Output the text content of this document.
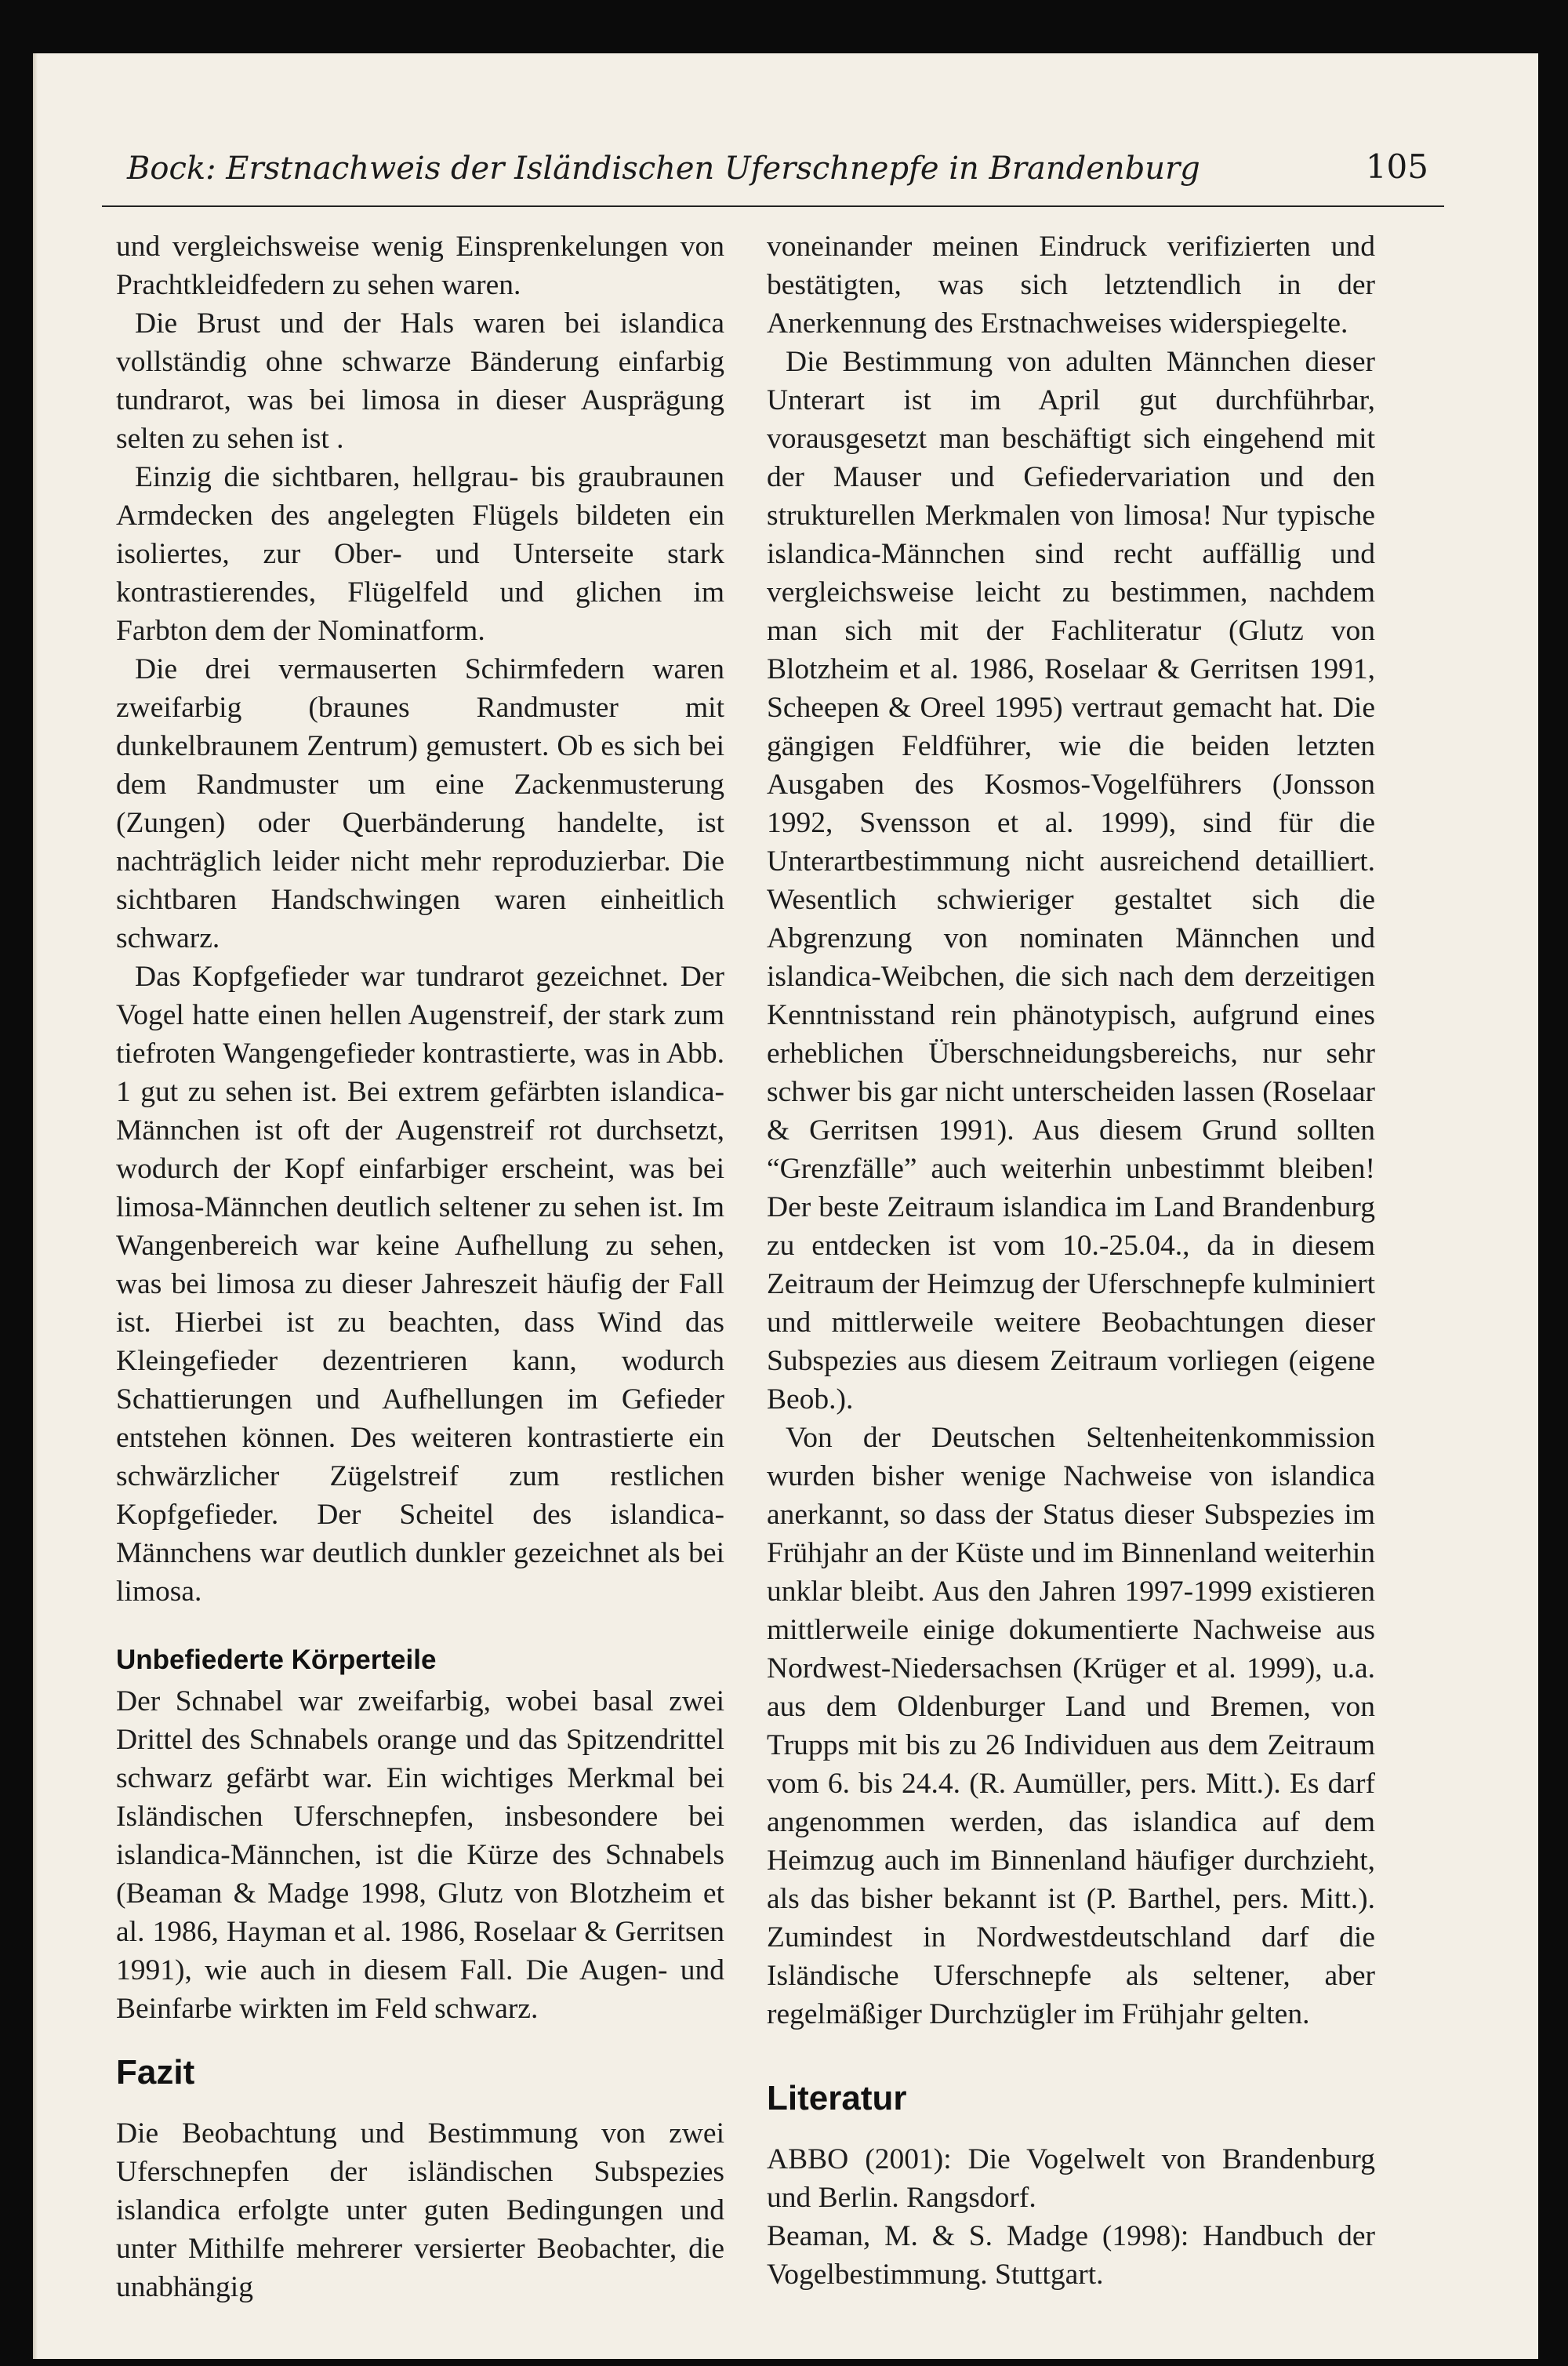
Bock: Erstnachweis der Isländischen Uferschnepfe in Brandenburg	105

und vergleichsweise wenig Einsprenkelungen von Prachtkleidfedern zu sehen waren.

Die Brust und der Hals waren bei islandica vollständig ohne schwarze Bänderung einfarbig tundrarot, was bei limosa in dieser Ausprägung selten zu sehen ist .

Einzig die sichtbaren, hellgrau- bis graubraunen Armdecken des angelegten Flügels bildeten ein isoliertes, zur Ober- und Unterseite stark kontrastierendes, Flügelfeld und glichen im Farbton dem der Nominatform.

Die drei vermauserten Schirmfedern waren zweifarbig (braunes Randmuster mit dunkelbraunem Zentrum) gemustert. Ob es sich bei dem Randmuster um eine Zackenmusterung (Zungen) oder Querbänderung handelte, ist nachträglich leider nicht mehr reproduzierbar. Die sichtbaren Handschwingen waren einheitlich schwarz.

Das Kopfgefieder war tundrarot gezeichnet. Der Vogel hatte einen hellen Augenstreif, der stark zum tiefroten Wangengefieder kontrastierte, was in Abb. 1 gut zu sehen ist. Bei extrem gefärbten islandica-Männchen ist oft der Augenstreif rot durchsetzt, wodurch der Kopf einfarbiger erscheint, was bei limosa-Männchen deutlich seltener zu sehen ist. Im Wangenbereich war keine Aufhellung zu sehen, was bei limosa zu dieser Jahreszeit häufig der Fall ist. Hierbei ist zu beachten, dass Wind das Kleingefieder dezentrieren kann, wodurch Schattierungen und Aufhellungen im Gefieder entstehen können. Des weiteren kontrastierte ein schwärzlicher Zügelstreif zum restlichen Kopfgefieder. Der Scheitel des islandica-Männchens war deutlich dunkler gezeichnet als bei limosa.

Unbefiederte Körperteile

Der Schnabel war zweifarbig, wobei basal zwei Drittel des Schnabels orange und das Spitzendrittel schwarz gefärbt war. Ein wichtiges Merkmal bei Isländischen Uferschnepfen, insbesondere bei islandica-Männchen, ist die Kürze des Schnabels (Beaman & Madge 1998, Glutz von Blotzheim et al. 1986, Hayman et al. 1986, Roselaar & Gerritsen 1991), wie auch in diesem Fall. Die Augen- und Beinfarbe wirkten im Feld schwarz.

Fazit

Die Beobachtung und Bestimmung von zwei Uferschnepfen der isländischen Subspezies islandica erfolgte unter guten Bedingungen und unter Mithilfe mehrerer versierter Beobachter, die unabhängig

voneinander meinen Eindruck verifizierten und bestätigten, was sich letztendlich in der Anerkennung des Erstnachweises widerspiegelte.

Die Bestimmung von adulten Männchen dieser Unterart ist im April gut durchführbar, vorausgesetzt man beschäftigt sich eingehend mit der Mauser und Gefiedervariation und den strukturellen Merkmalen von limosa! Nur typische islandica-Männchen sind recht auffällig und vergleichsweise leicht zu bestimmen, nachdem man sich mit der Fachliteratur (Glutz von Blotzheim et al. 1986, Roselaar & Gerritsen 1991, Scheepen & Oreel 1995) vertraut gemacht hat. Die gängigen Feldführer, wie die beiden letzten Ausgaben des Kosmos-Vogelführers (Jonsson 1992, Svensson et al. 1999), sind für die Unterartbestimmung nicht ausreichend detailliert. Wesentlich schwieriger gestaltet sich die Abgrenzung von nominaten Männchen und islandica-Weibchen, die sich nach dem derzeitigen Kenntnisstand rein phänotypisch, aufgrund eines erheblichen Überschneidungsbereichs, nur sehr schwer bis gar nicht unterscheiden lassen (Roselaar & Gerritsen 1991). Aus diesem Grund sollten “Grenzfälle” auch weiterhin unbestimmt bleiben! Der beste Zeitraum islandica im Land Brandenburg zu entdecken ist vom 10.-25.04., da in diesem Zeitraum der Heimzug der Uferschnepfe kulminiert und mittlerweile weitere Beobachtungen dieser Subspezies aus diesem Zeitraum vorliegen (eigene Beob.).

Von der Deutschen Seltenheitenkommission wurden bisher wenige Nachweise von islandica anerkannt, so dass der Status dieser Subspezies im Frühjahr an der Küste und im Binnenland weiterhin unklar bleibt. Aus den Jahren 1997-1999 existieren mittlerweile einige dokumentierte Nachweise aus Nordwest-Niedersachsen (Krüger et al. 1999), u.a. aus dem Oldenburger Land und Bremen, von Trupps mit bis zu 26 Individuen aus dem Zeitraum vom 6. bis 24.4. (R. Aumüller, pers. Mitt.). Es darf angenommen werden, das islandica auf dem Heimzug auch im Binnenland häufiger durchzieht, als das bisher bekannt ist (P. Barthel, pers. Mitt.). Zumindest in Nordwestdeutschland darf die Isländische Uferschnepfe als seltener, aber regelmäßiger Durchzügler im Frühjahr gelten.

Literatur

ABBO (2001): Die Vogelwelt von Brandenburg und Berlin. Rangsdorf.

Beaman, M. & S. Madge (1998): Handbuch der Vogelbestimmung. Stuttgart.
